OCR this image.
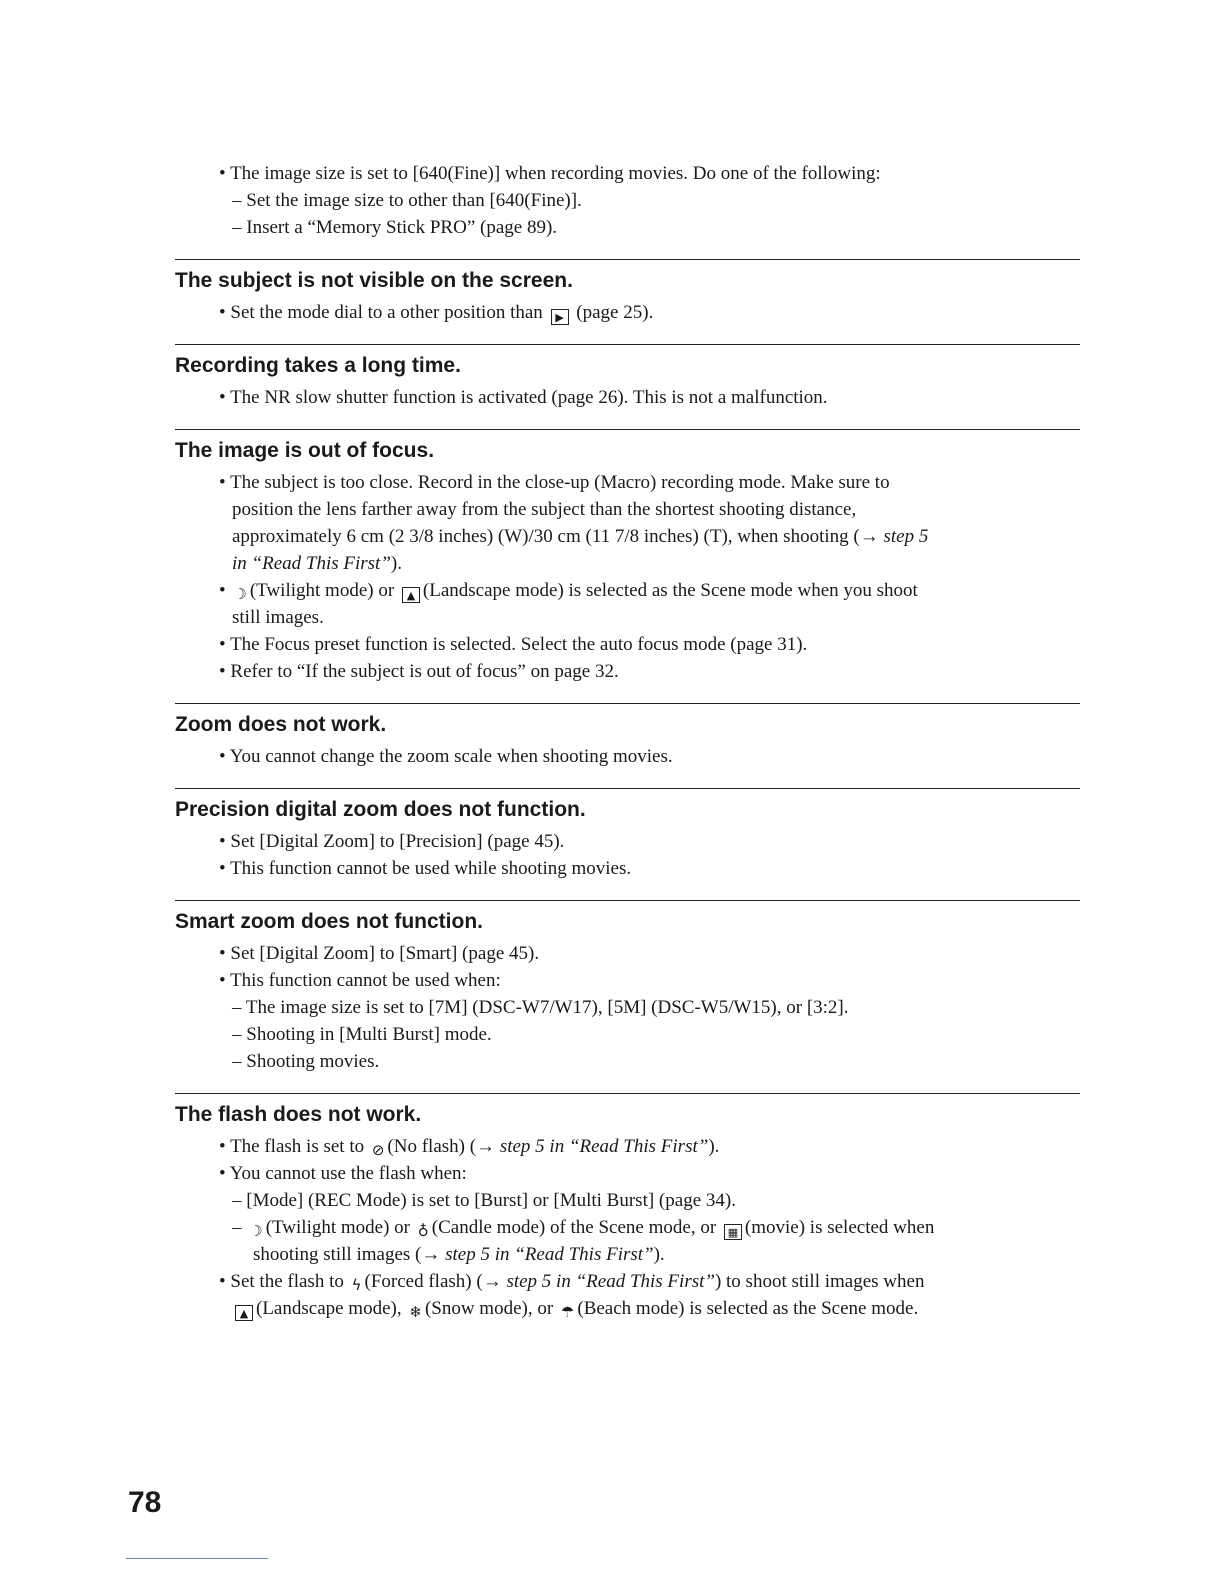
• The image size is set to [640(Fine)] when recording movies. Do one of the following:
– Set the image size to other than [640(Fine)].
– Insert a “Memory Stick PRO” (page 89).
The subject is not visible on the screen.
• Set the mode dial to a other position than ▶ (page 25).
Recording takes a long time.
• The NR slow shutter function is activated (page 26). This is not a malfunction.
The image is out of focus.
• The subject is too close. Record in the close-up (Macro) recording mode. Make sure to
position the lens farther away from the subject than the shortest shooting distance,
approximately 6 cm (2 3/8 inches) (W)/30 cm (11 7/8 inches) (T), when shooting (→ step 5
in “Read This First”).
• ☽ (Twilight mode) or ▲ (Landscape mode) is selected as the Scene mode when you shoot
still images.
• The Focus preset function is selected. Select the auto focus mode (page 31).
• Refer to “If the subject is out of focus” on page 32.
Zoom does not work.
• You cannot change the zoom scale when shooting movies.
Precision digital zoom does not function.
• Set [Digital Zoom] to [Precision] (page 45).
• This function cannot be used while shooting movies.
Smart zoom does not function.
• Set [Digital Zoom] to [Smart] (page 45).
• This function cannot be used when:
– The image size is set to [7M] (DSC-W7/W17), [5M] (DSC-W5/W15), or [3:2].
– Shooting in [Multi Burst] mode.
– Shooting movies.
The flash does not work.
• The flash is set to ⊘ (No flash) (→ step 5 in “Read This First”).
• You cannot use the flash when:
– [Mode] (REC Mode) is set to [Burst] or [Multi Burst] (page 34).
– ☽ (Twilight mode) or ♁ (Candle mode) of the Scene mode, or ▦ (movie) is selected when
shooting still images (→ step 5 in “Read This First”).
• Set the flash to ϟ (Forced flash) (→ step 5 in “Read This First”) to shoot still images when
▲ (Landscape mode), ❄ (Snow mode), or ☂ (Beach mode) is selected as the Scene mode.
78
